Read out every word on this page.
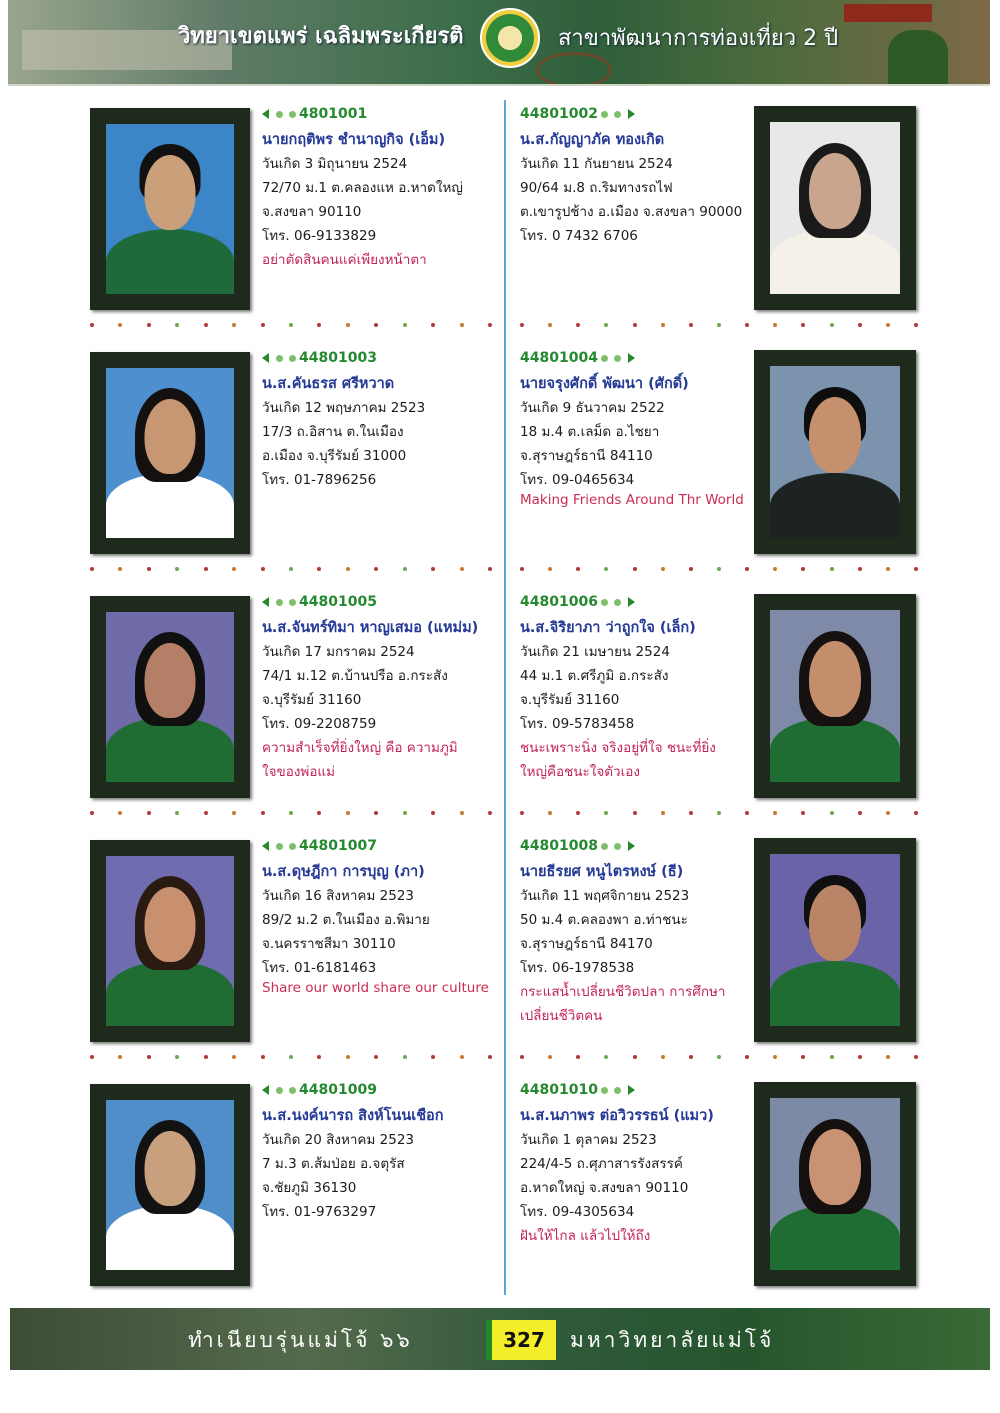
วิทยาเขตแพร่ เฉลิมพระเกียรติ	สาขาพัฒนาการท่องเที่ยว 2 ปี
4801001
นายกฤติพร ชำนาญกิจ (เอ็ม)
วันเกิด 3 มิถุนายน 2524
72/70 ม.1 ต.คลองแห อ.หาดใหญ่
จ.สงขลา 90110
โทร. 06-9133829
อย่าตัดสินคนแค่เพียงหน้าตา
44801002
น.ส.กัญญาภัค ทองเกิด
วันเกิด 11 กันยายน 2524
90/64 ม.8 ถ.ริมทางรถไฟ
ต.เขารูปช้าง อ.เมือง จ.สงขลา 90000
โทร. 0 7432 6706
44801003
น.ส.คันธรส ศรีหวาด
วันเกิด 12 พฤษภาคม 2523
17/3 ถ.อิสาน ต.ในเมือง
อ.เมือง จ.บุรีรัมย์ 31000
โทร. 01-7896256
44801004
นายจรุงศักดิ์ พัฒนา (ศักดิ์)
วันเกิด 9 ธันวาคม 2522
18 ม.4 ต.เลม็ด อ.ไชยา
จ.สุราษฎร์ธานี 84110
โทร. 09-0465634
Making Friends Around Thr World
44801005
น.ส.จันทร์ทิมา หาญเสมอ (แหม่ม)
วันเกิด 17 มกราคม 2524
74/1 ม.12 ต.บ้านปรือ อ.กระสัง
จ.บุรีรัมย์ 31160
โทร. 09-2208759
ความสำเร็จที่ยิ่งใหญ่ คือ ความภูมิ
ใจของพ่อแม่
44801006
น.ส.จิริยาภา ว่าถูกใจ (เล็ก)
วันเกิด 21 เมษายน 2524
44 ม.1 ต.ศรีภูมิ อ.กระสัง
จ.บุรีรัมย์ 31160
โทร. 09-5783458
ชนะเพราะนิ่ง จริงอยู่ที่ใจ ชนะที่ยิ่ง
ใหญ่คือชนะใจตัวเอง
44801007
น.ส.ดุษฎีกา การบุญ (ภา)
วันเกิด 16 สิงหาคม 2523
89/2 ม.2 ต.ในเมือง อ.พิมาย
จ.นครราชสีมา 30110
โทร. 01-6181463
Share our world share our culture
44801008
นายธีรยศ หนูไตรหงษ์ (ธี)
วันเกิด 11 พฤศจิกายน 2523
50 ม.4 ต.คลองพา อ.ท่าชนะ
จ.สุราษฎร์ธานี 84170
โทร. 06-1978538
กระแสน้ำเปลี่ยนชีวิตปลา การศึกษา
เปลี่ยนชีวิตคน
44801009
น.ส.นงค์นารถ สิงห์โนนเชือก
วันเกิด 20 สิงหาคม 2523
7 ม.3 ต.ส้มป่อย อ.จตุรัส
จ.ชัยภูมิ 36130
โทร. 01-9763297
44801010
น.ส.นภาพร ต่อวิวรรธน์ (แมว)
วันเกิด 1 ตุลาคม 2523
224/4-5 ถ.ศุภาสารรังสรรค์
อ.หาดใหญ่ จ.สงขลา 90110
โทร. 09-4305634
ฝันให้ไกล แล้วไปให้ถึง
ทำเนียบรุ่นแม่โจ้ ๖๖	327	มหาวิทยาลัยแม่โจ้
